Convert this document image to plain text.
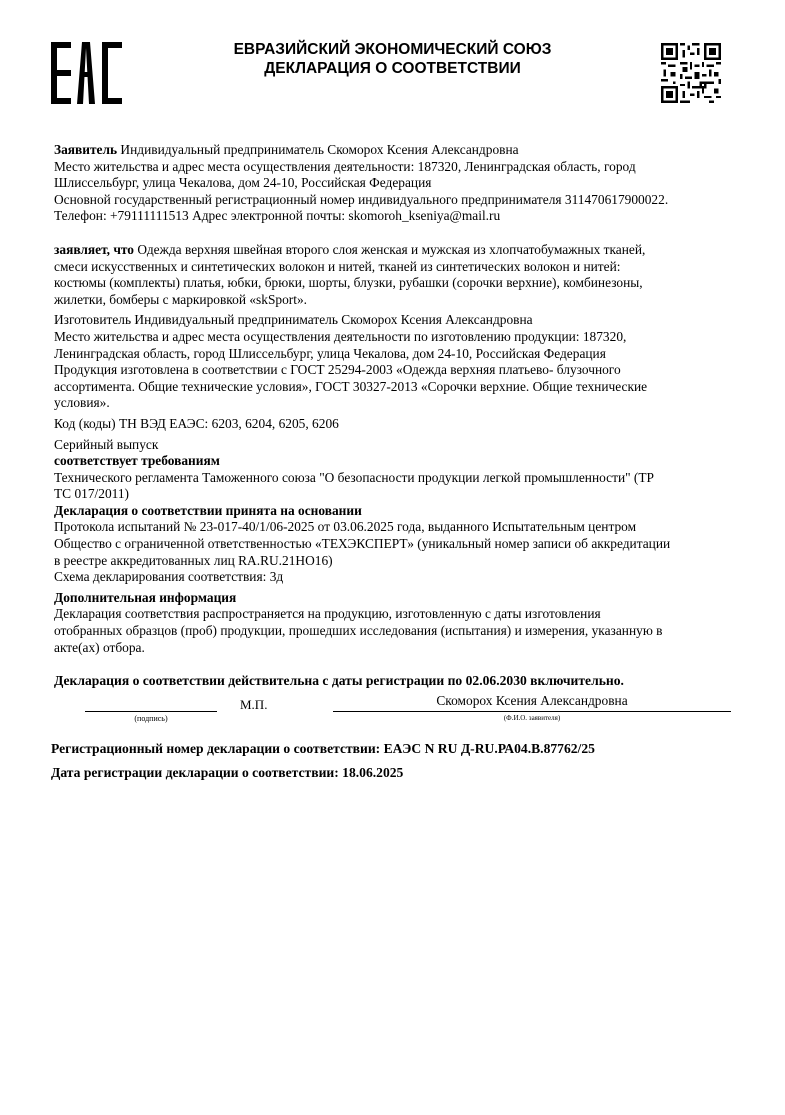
ЕВРАЗИЙСКИЙ ЭКОНОМИЧЕСКИЙ СОЮЗ
ДЕКЛАРАЦИЯ О СООТВЕТСТВИИ

Заявитель Индивидуальный предприниматель Скоморох Ксения Александровна

Место жительства и адрес места осуществления деятельности: 187320, Ленинградская область, город

Шлиссельбург, улица Чекалова, дом 24-10, Российская Федерация

Основной государственный регистрационный номер индивидуального предпринимателя 311470617900022.

Телефон: +79111111513 Адрес электронной почты: skomoroh_kseniya@mail.ru

заявляет, что Одежда верхняя швейная второго слоя женская и мужская из хлопчатобумажных тканей,

смеси искусственных и синтетических волокон и нитей, тканей из синтетических волокон и нитей:

костюмы (комплекты) платья, юбки, брюки, шорты, блузки, рубашки (сорочки верхние), комбинезоны,

жилетки, бомберы с маркировкой «skSport».

Изготовитель Индивидуальный предприниматель Скоморох Ксения Александровна

Место жительства и адрес места осуществления деятельности по изготовлению продукции: 187320,

Ленинградская область, город Шлиссельбург, улица Чекалова, дом 24-10, Российская Федерация

Продукция изготовлена в соответствии с ГОСТ 25294-2003 «Одежда верхняя платьево- блузочного

ассортимента. Общие технические условия», ГОСТ 30327-2013 «Сорочки верхние. Общие технические

условия».

Код (коды) ТН ВЭД ЕАЭС: 6203, 6204, 6205, 6206

Серийный выпуск

соответствует требованиям

Технического регламента Таможенного союза "О безопасности продукции легкой промышленности" (ТР

ТС 017/2011)

Декларация о соответствии принята на основании

Протокола испытаний № 23-017-40/1/06-2025 от 03.06.2025 года, выданного Испытательным центром

Общество с ограниченной ответственностью «ТЕХЭКСПЕРТ» (уникальный номер записи об аккредитации

в реестре аккредитованных лиц RA.RU.21НО16)

Схема декларирования соответствия: 3д

Дополнительная информация

Декларация соответствия распространяется на продукцию, изготовленную с даты изготовления

отобранных образцов (проб) продукции, прошедших исследования (испытания) и измерения, указанную в

акте(ах) отбора.

Декларация о соответствии действительна с даты регистрации по 02.06.2030 включительно.
(подпись)
М.П.	Скоморох Ксения Александровна
(Ф.И.О. заявителя)
Регистрационный номер декларации о соответствии: ЕАЭС N RU Д-RU.РА04.В.87762/25
Дата регистрации декларации о соответствии: 18.06.2025
